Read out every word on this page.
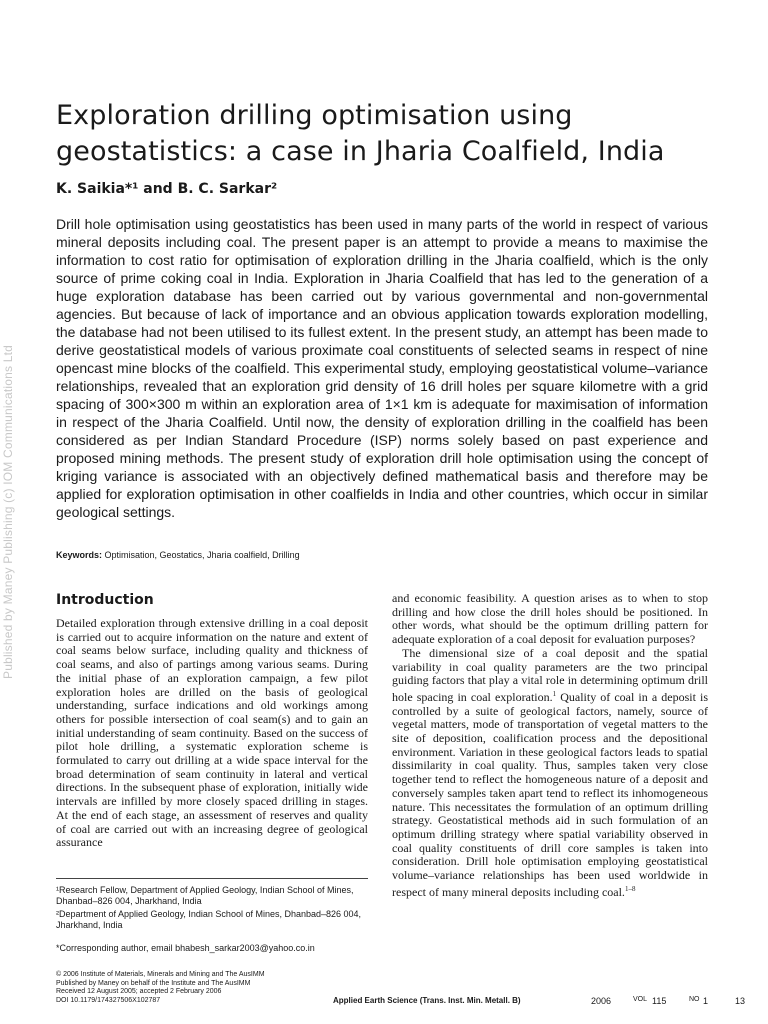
Published by Maney Publishing (c) IOM Communications Ltd
Exploration drilling optimisation using geostatistics: a case in Jharia Coalfield, India
K. Saikia*¹ and B. C. Sarkar²

Drill hole optimisation using geostatistics has been used in many parts of the world in respect of various mineral deposits including coal. The present paper is an attempt to provide a means to maximise the information to cost ratio for optimisation of exploration drilling in the Jharia coalfield, which is the only source of prime coking coal in India. Exploration in Jharia Coalfield that has led to the generation of a huge exploration database has been carried out by various governmental and non-governmental agencies. But because of lack of importance and an obvious application towards exploration modelling, the database had not been utilised to its fullest extent. In the present study, an attempt has been made to derive geostatistical models of various proximate coal constituents of selected seams in respect of nine opencast mine blocks of the coalfield. This experimental study, employing geostatistical volume–variance relationships, revealed that an exploration grid density of 16 drill holes per square kilometre with a grid spacing of 300×300 m within an exploration area of 1×1 km is adequate for maximisation of information in respect of the Jharia Coalfield. Until now, the density of exploration drilling in the coalfield has been considered as per Indian Standard Procedure (ISP) norms solely based on past experience and proposed mining methods. The present study of exploration drill hole optimisation using the concept of kriging variance is associated with an objectively defined mathematical basis and therefore may be applied for exploration optimisation in other coalfields in India and other countries, which occur in similar geological settings.

Keywords: Optimisation, Geostatics, Jharia coalfield, Drilling
Introduction

Detailed exploration through extensive drilling in a coal deposit is carried out to acquire information on the nature and extent of coal seams below surface, including quality and thickness of coal seams, and also of partings among various seams. During the initial phase of an exploration campaign, a few pilot exploration holes are drilled on the basis of geological understanding, surface indications and old workings among others for possible intersection of coal seam(s) and to gain an initial understanding of seam continuity. Based on the success of pilot hole drilling, a systematic exploration scheme is formulated to carry out drilling at a wide space interval for the broad determination of seam continuity in lateral and vertical directions. In the subsequent phase of exploration, initially wide intervals are infilled by more closely spaced drilling in stages. At the end of each stage, an assessment of reserves and quality of coal are carried out with an increasing degree of geological assurance

and economic feasibility. A question arises as to when to stop drilling and how close the drill holes should be positioned. In other words, what should be the optimum drilling pattern for adequate exploration of a coal deposit for evaluation purposes?

The dimensional size of a coal deposit and the spatial variability in coal quality parameters are the two principal guiding factors that play a vital role in determining optimum drill hole spacing in coal exploration.$^1$ Quality of coal in a deposit is controlled by a suite of geological factors, namely, source of vegetal matters, mode of transportation of vegetal matters to the site of deposition, coalification process and the depositional environment. Variation in these geological factors leads to spatial dissimilarity in coal quality. Thus, samples taken very close together tend to reflect the homogeneous nature of a deposit and conversely samples taken apart tend to reflect its inhomogeneous nature. This necessitates the formulation of an optimum drilling strategy. Geostatistical methods aid in such formulation of an optimum drilling strategy where spatial variability observed in coal quality constituents of drill core samples is taken into consideration. Drill hole optimisation employing geostatistical volume–variance relationships has been used worldwide in respect of many mineral deposits including coal.$^{1-8}$

¹Research Fellow, Department of Applied Geology, Indian School of Mines, Dhanbad–826 004, Jharkhand, India

²Department of Applied Geology, Indian School of Mines, Dhanbad–826 004, Jharkhand, India

*Corresponding author, email bhabesh_sarkar2003@yahoo.co.in

© 2006 Institute of Materials, Minerals and Mining and The AusIMM
Published by Maney on behalf of the Institute and The AusIMM
Received 12 August 2005; accepted 2 February 2006
DOI 10.1179/174327506X102787	Applied Earth Science (Trans. Inst. Min. Metall. B)	2006	VOL 115	NO 1	13
